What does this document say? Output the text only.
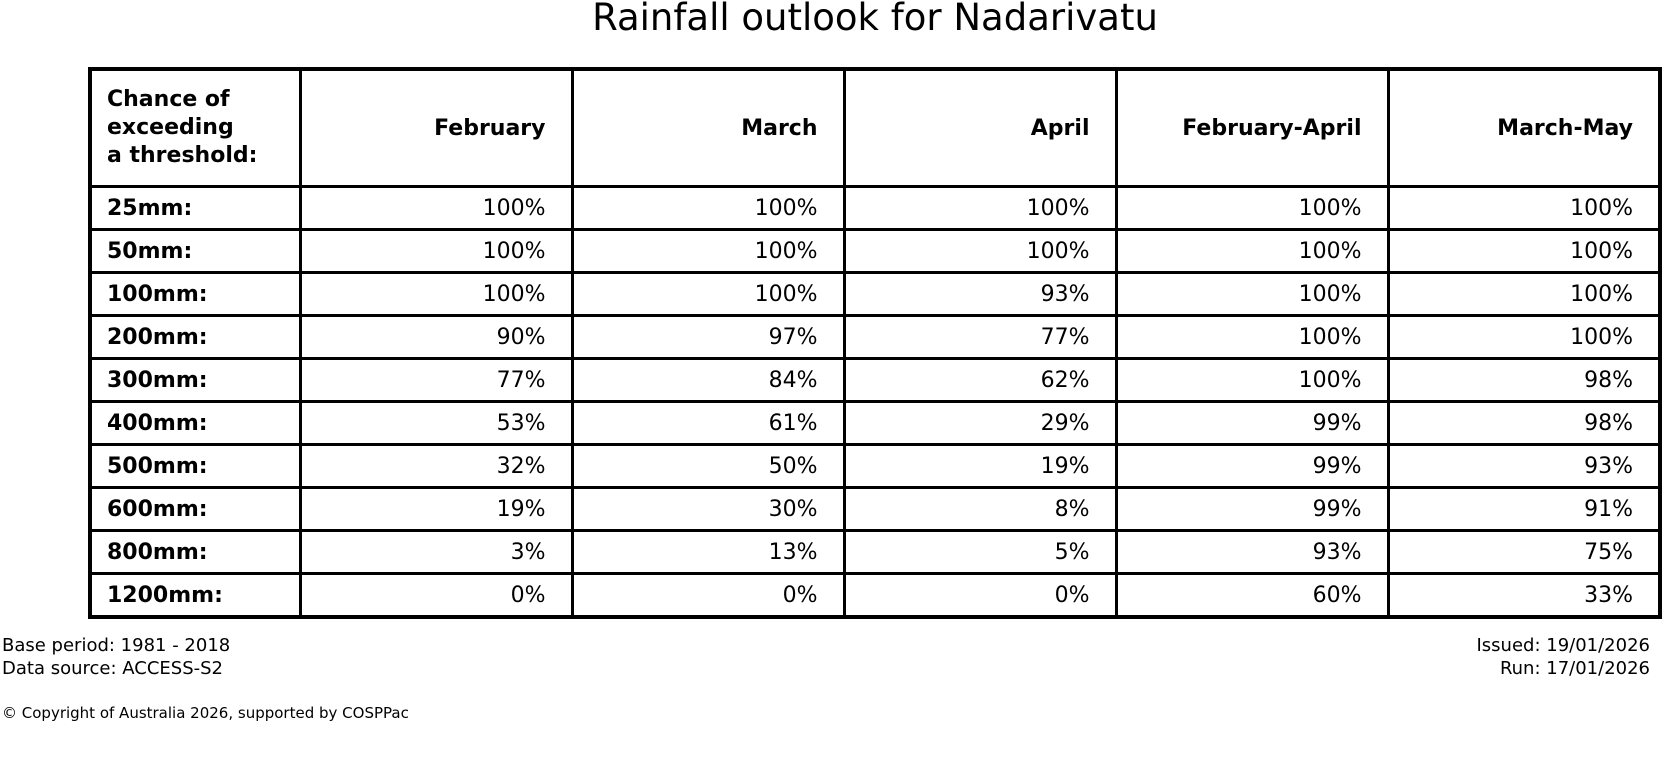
Rainfall outlook for Nadarivatu
Chance of
exceeding
a threshold:	February	March	April	February-April	March-May
25mm:	100%	100%	100%	100%	100%
50mm:	100%	100%	100%	100%	100%
100mm:	100%	100%	93%	100%	100%
200mm:	90%	97%	77%	100%	100%
300mm:	77%	84%	62%	100%	98%
400mm:	53%	61%	29%	99%	98%
500mm:	32%	50%	19%	99%	93%
600mm:	19%	30%	8%	99%	91%
800mm:	3%	13%	5%	93%	75%
1200mm:	0%	0%	0%	60%	33%
Base period: 1981 - 2018
Data source: ACCESS-S2
Issued: 19/01/2026
Run: 17/01/2026
© Copyright of Australia 2026, supported by COSPPac
